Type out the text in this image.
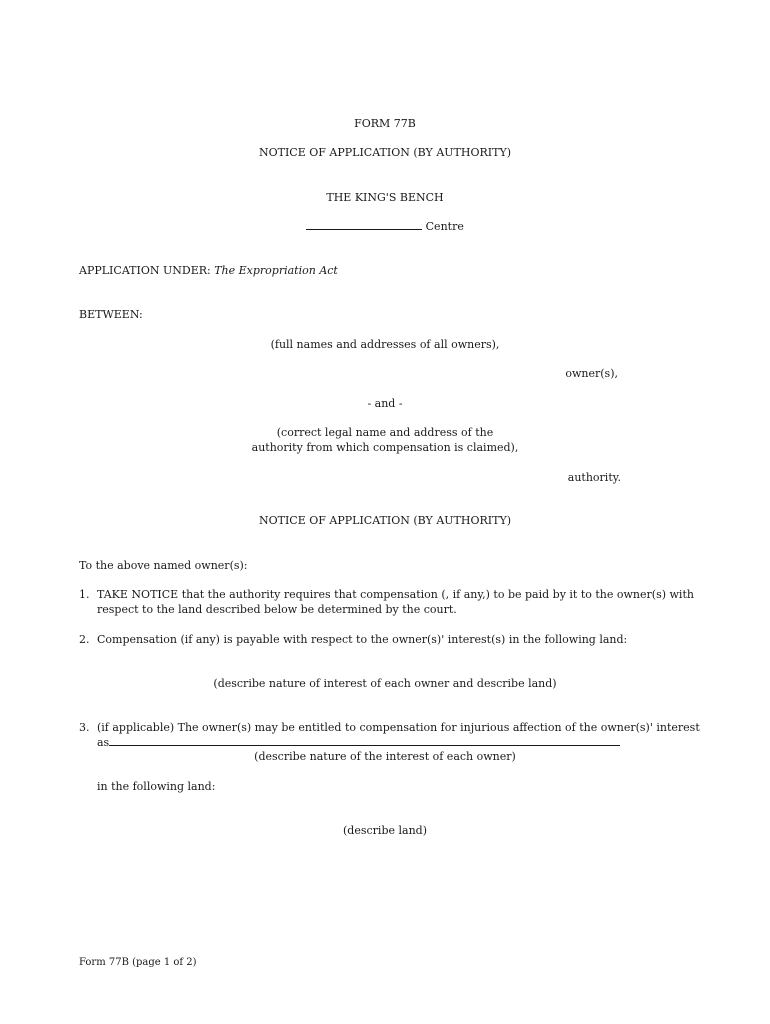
FORM 77B
NOTICE OF APPLICATION (BY AUTHORITY)
THE KING'S BENCH
Centre
APPLICATION UNDER: The Expropriation Act
BETWEEN:
(full names and addresses of all owners),
owner(s),
- and -
(correct legal name and address of the
authority from which compensation is claimed),
authority.
NOTICE OF APPLICATION (BY AUTHORITY)
To the above named owner(s):
1. TAKE NOTICE that the authority requires that compensation (, if any,) to be paid by it to the owner(s) with
respect to the land described below be determined by the court.
2. Compensation (if any) is payable with respect to the owner(s)' interest(s) in the following land:
(describe nature of interest of each owner and describe land)
3. (if applicable) The owner(s) may be entitled to compensation for injurious affection of the owner(s)' interest
as
(describe nature of the interest of each owner)
in the following land:
(describe land)
Form 77B (page 1 of 2)
